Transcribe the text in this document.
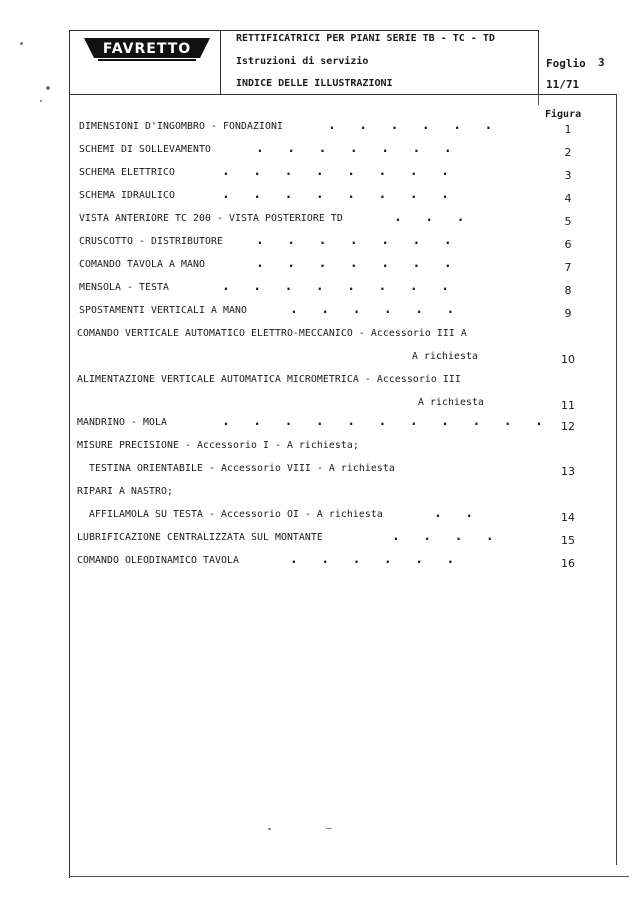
FAVRETTO
RETTIFICATRICI PER PIANI SERIE TB - TC - TD
Istruzioni di servizio
INDICE DELLE ILLUSTRAZIONI
Foglio 3
11/71
Figura
DIMENSIONI D'INGOMBRO - FONDAZIONI	.   .   .   .   .   .	1
SCHEMI DI SOLLEVAMENTO	.   .   .   .   .   .   .	2
SCHEMA ELETTRICO	.   .   .   .   .   .   .   .	3
SCHEMA IDRAULICO	.   .   .   .   .   .   .   .	4
VISTA ANTERIORE TC 200 - VISTA POSTERIORE TD	.   .   .	5
CRUSCOTTO - DISTRIBUTORE	.   .   .   .   .   .   .	6
COMANDO TAVOLA A MANO	.   .   .   .   .   .   .	7
MENSOLA - TESTA	.   .   .   .   .   .   .   .	8
SPOSTAMENTI VERTICALI A MANO	.   .   .   .   .   .	9
COMANDO VERTICALE AUTOMATICO ELETTRO-MECCANICO - Accessorio III A
A richiesta	10
ALIMENTAZIONE VERTICALE AUTOMATICA MICROMETRICA - Accessorio III
A richiesta	11
MANDRINO - MOLA	.   .   .   .   .   .   .   .   .   .   .	12
MISURE PRECISIONE - Accessorio I - A richiesta;
TESTINA ORIENTABILE - Accessorio VIII - A richiesta	13
RIPARI A NASTRO;
AFFILAMOLA SU TESTA - Accessorio OI - A richiesta	.   .	14
LUBRIFICAZIONE CENTRALIZZATA SUL MONTANTE	.   .   .   .	15
COMANDO OLEODINAMICO TAVOLA	.   .   .   .   .   .	16
